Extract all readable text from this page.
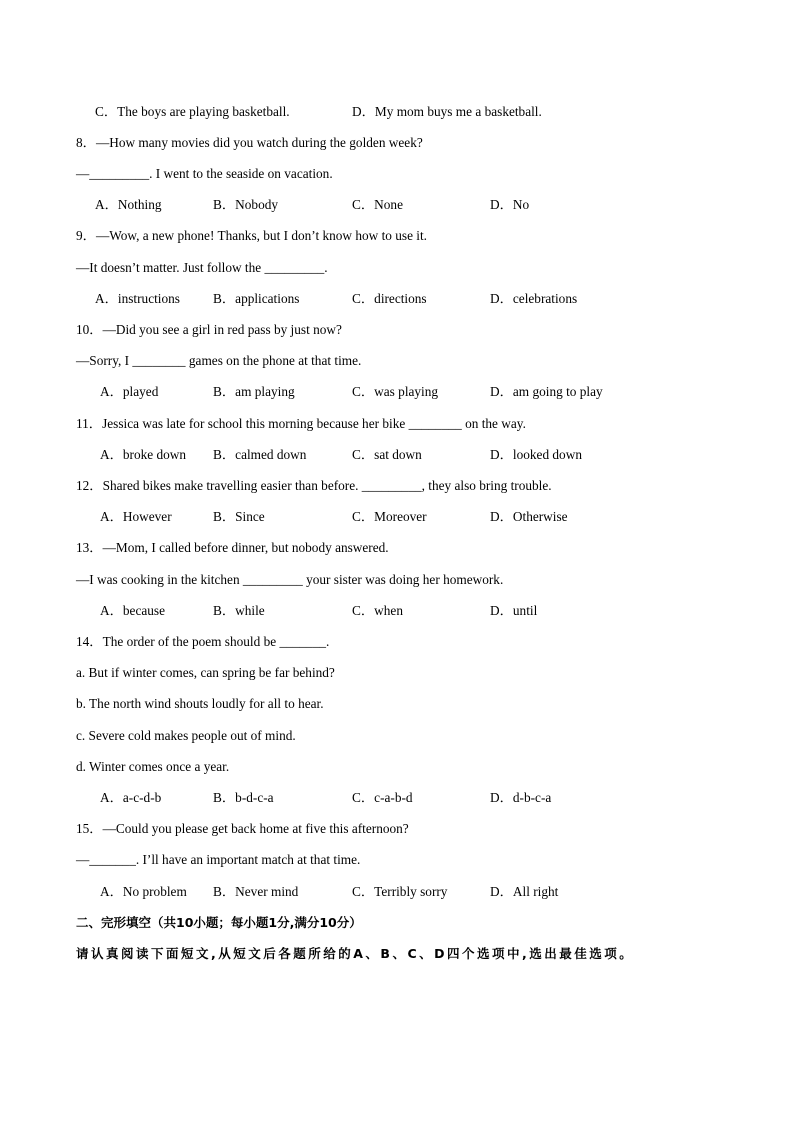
C．The boys are playing basketball.	D．My mom buys me a basketball.
8．—How many movies did you watch during the golden week?
—_________. I went to the seaside on vacation.
A．Nothing	B．Nobody	C．None	D．No
9．—Wow, a new phone! Thanks, but I don’t know how to use it.
—It doesn’t matter. Just follow the _________.
A．instructions B．applications	C．directions	D．celebrations
10．—Did you see a girl in red pass by just now?
—Sorry, I ________ games on the phone at that time.
A．played	B．am playing	C．was playing	D．am going to play
11．Jessica was late for school this morning because her bike ________ on the way.
A．broke down B．calmed down	C．sat down	D．looked down
12．Shared bikes make travelling easier than before. _________, they also bring trouble.
A．However	B．Since	C．Moreover	D．Otherwise
13．—Mom, I called before dinner, but nobody answered.
—I was cooking in the kitchen _________ your sister was doing her homework.
A．because	B．while	C．when	D．until
14．The order of the poem should be _______.
a. But if winter comes, can spring be far behind?
b. The north wind shouts loudly for all to hear.
c. Severe cold makes people out of mind.
d. Winter comes once a year.
A．a-c-d-b	B．b-d-c-a	C．c-a-b-d	D．d-b-c-a
15．—Could you please get back home at five this afternoon?
—_______. I’ll have an important match at that time.
A．No problem B．Never mind	C．Terribly sorry	D．All right
二、完形填空（共10小题；每小题1分,满分10分）
请认真阅读下面短文,从短文后各题所给的A、B、C、D四个选项中,选出最佳选项。
